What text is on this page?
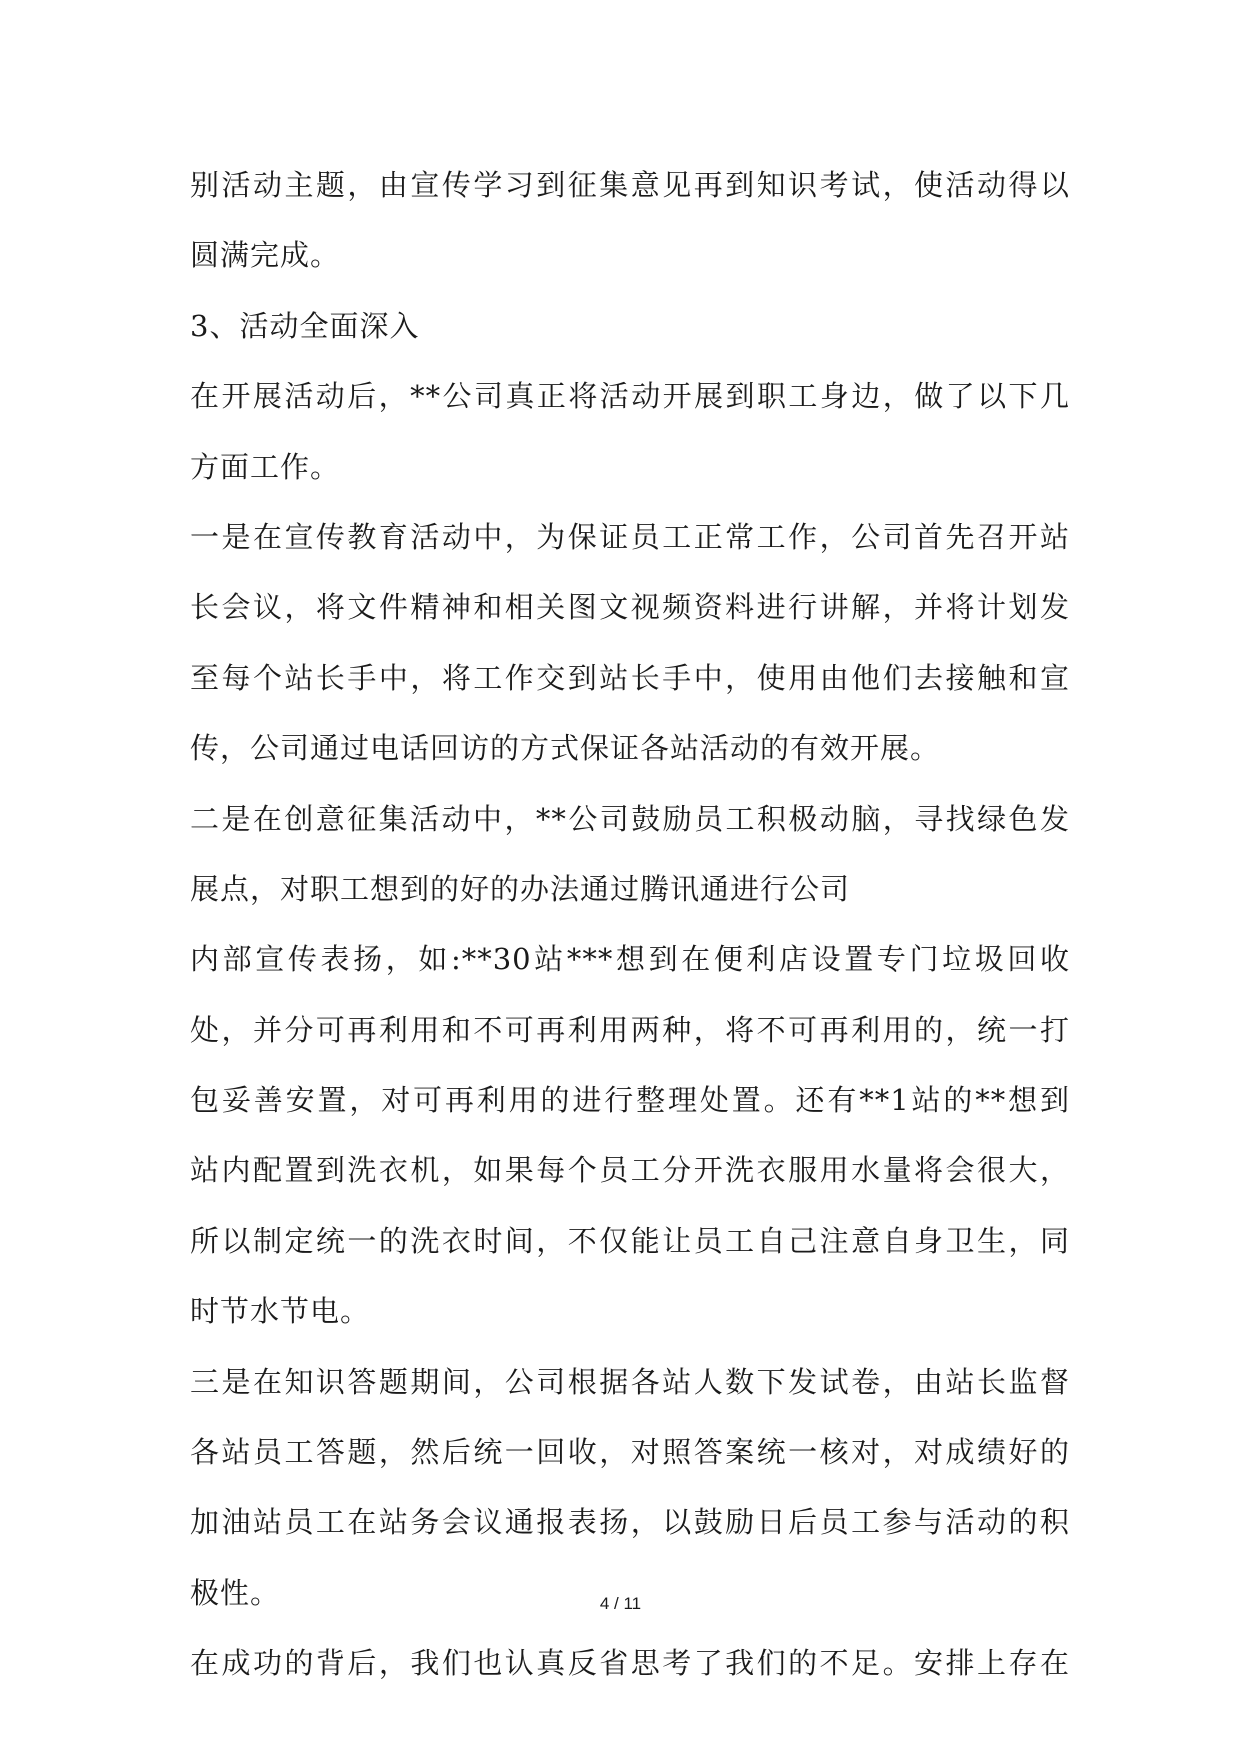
别活动主题，由宣传学习到征集意见再到知识考试，使活动得以
圆满完成。
3、活动全面深入
在开展活动后，**公司真正将活动开展到职工身边，做了以下几
方面工作。
一是在宣传教育活动中，为保证员工正常工作，公司首先召开站
长会议，将文件精神和相关图文视频资料进行讲解，并将计划发
至每个站长手中，将工作交到站长手中，使用由他们去接触和宣
传，公司通过电话回访的方式保证各站活动的有效开展。
二是在创意征集活动中，**公司鼓励员工积极动脑，寻找绿色发
展点，对职工想到的好的办法通过腾讯通进行公司
内部宣传表扬，如:**30站***想到在便利店设置专门垃圾回收
处，并分可再利用和不可再利用两种，将不可再利用的，统一打
包妥善安置，对可再利用的进行整理处置。还有**1站的**想到
站内配置到洗衣机，如果每个员工分开洗衣服用水量将会很大，
所以制定统一的洗衣时间，不仅能让员工自己注意自身卫生，同
时节水节电。
三是在知识答题期间，公司根据各站人数下发试卷，由站长监督
各站员工答题，然后统一回收，对照答案统一核对，对成绩好的
加油站员工在站务会议通报表扬，以鼓励日后员工参与活动的积
极性。
在成功的背后，我们也认真反省思考了我们的不足。安排上存在
4 / 11
